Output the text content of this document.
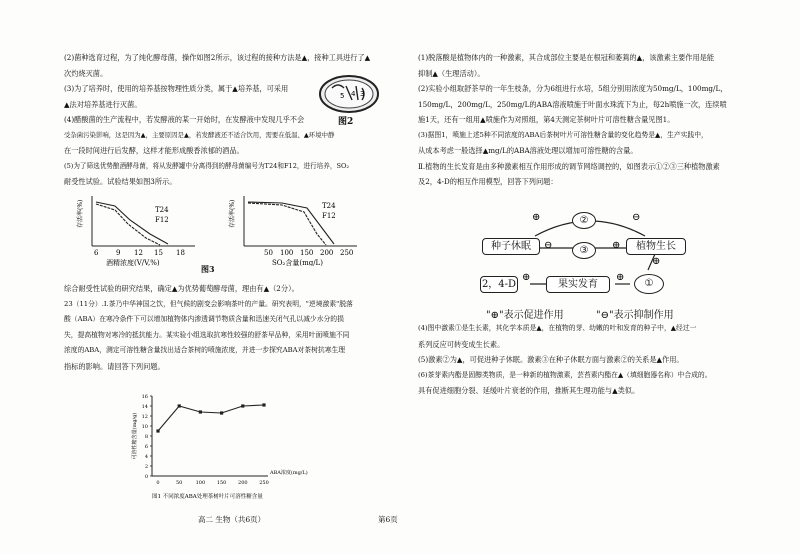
(2)菌种选育过程，为了纯化酵母菌，操作如图2所示，该过程的接种方法是▲，接种工具进行了▲

次灼烧灭菌。

(3)为了培养时，使用的培养基按物理性质分类，属于▲培养基，可采用

▲法对培养基进行灭菌。

(4)醋酸菌的生产流程中，若发酵液的某一开始时，在发酵液中发现几乎不会

受杂菌污染影响，这是因为▲，主要原因是▲，若发酵液还不适合饮用，需要在低温、▲环境中静

在一段时间进行后发酵，这样才能形成酸香浓郁的酒品。

(5)为了筛选优势酿酒酵母菌，将从发酵罐中分离得到的酵母菌编号为T24和F12，进行培养，SO₂

耐受性试验。试验结果如图3所示。

5 4 3
图2
T24
F12
存活率(%)
6	9 12 15 18
酒精浓度(V/V,%)
T24
F12
存活率(%)
50 100 150 200 250
SO₂含量(mg/L)
图3

综合耐受性试验的研究结果，确定▲为优势葡萄酵母菌，理由有▲（2分）。

23（11分）.Ⅰ.茶乃中华神国之饮，但气候的剧变会影响茶叶的产量。研究表明，"逆境激素"脱落

酸（ABA）在寒冷条件下可以增加植物体内渗透调节物质含量和迅速关闭气孔以减少水分的损

失，提高植物对寒冷的抵抗能力。某实验小组选取抗寒性较强的舒茶早品种，采用叶面喷施不同

浓度的ABA，测定可溶性糖含量找出适合茶树的喷施浓度，并进一步探究ABA对茶树抗寒生理

指标的影响。请回答下列问题。

0
2
4
6
8
10
12
14
16
0	50	100 150 200 250
可溶性糖含量(mg/g)
ABA浓度(mg/L)
图1 不同浓度ABA处理茶树叶片可溶性糖含量

(1)脱落酸是植物体内的一种激素，其合成部位主要是在根冠和萎蔫的▲，该激素主要作用是能

抑制▲（生理活动）。

(2)实验小组取舒茶早的一年生枝条，分为6组进行水培，5组分别用浓度为50mg/L，100mg/L，

150mg/L，200mg/L，250mg/L的ABA溶液喷施于叶面水珠流下为止，每2h喷施一次，连续喷

施1天，还有一组用▲喷施作为对照组，第4天测定茶树叶片可溶性糖含量见图1。

(3)据图1，喷施上述5种不同浓度的ABA后茶树叶片可溶性糖含量的变化趋势是▲，生产实践中，

从成本考虑一般选择▲mg/L的ABA溶液处理以增加可溶性糖的含量。

Ⅱ.植物的生长发育是由多种激素相互作用形成的调节网络调控的，如图表示①②③三种植物激素

及2，4-D的相互作用模型，回答下列问题：

种子休眠	植物生长
2，4-D	果实发育
②
③
①
⊕	⊖
⊖	⊕
⊕	⊕
⊕
"⊕"表示促进作用	"⊖"表示抑制作用

(4)图中激素①是生长素，其化学本质是▲，在植物的芽、幼嫩的叶和发育的种子中，▲经过一

系列反应可转变成生长素。

(5)激素②为▲，可促进种子休眠。激素③在种子休眠方面与激素②的关系是▲作用。

(6)茶芽素内酯是固醇类物质，是一种新的植物激素，芸苔素内酯在▲（填细胞器名称）中合成的。

具有促进细胞分裂、延缓叶片衰老的作用，推断其生理功能与▲类似。

高二 生物（共6页）	第6页
